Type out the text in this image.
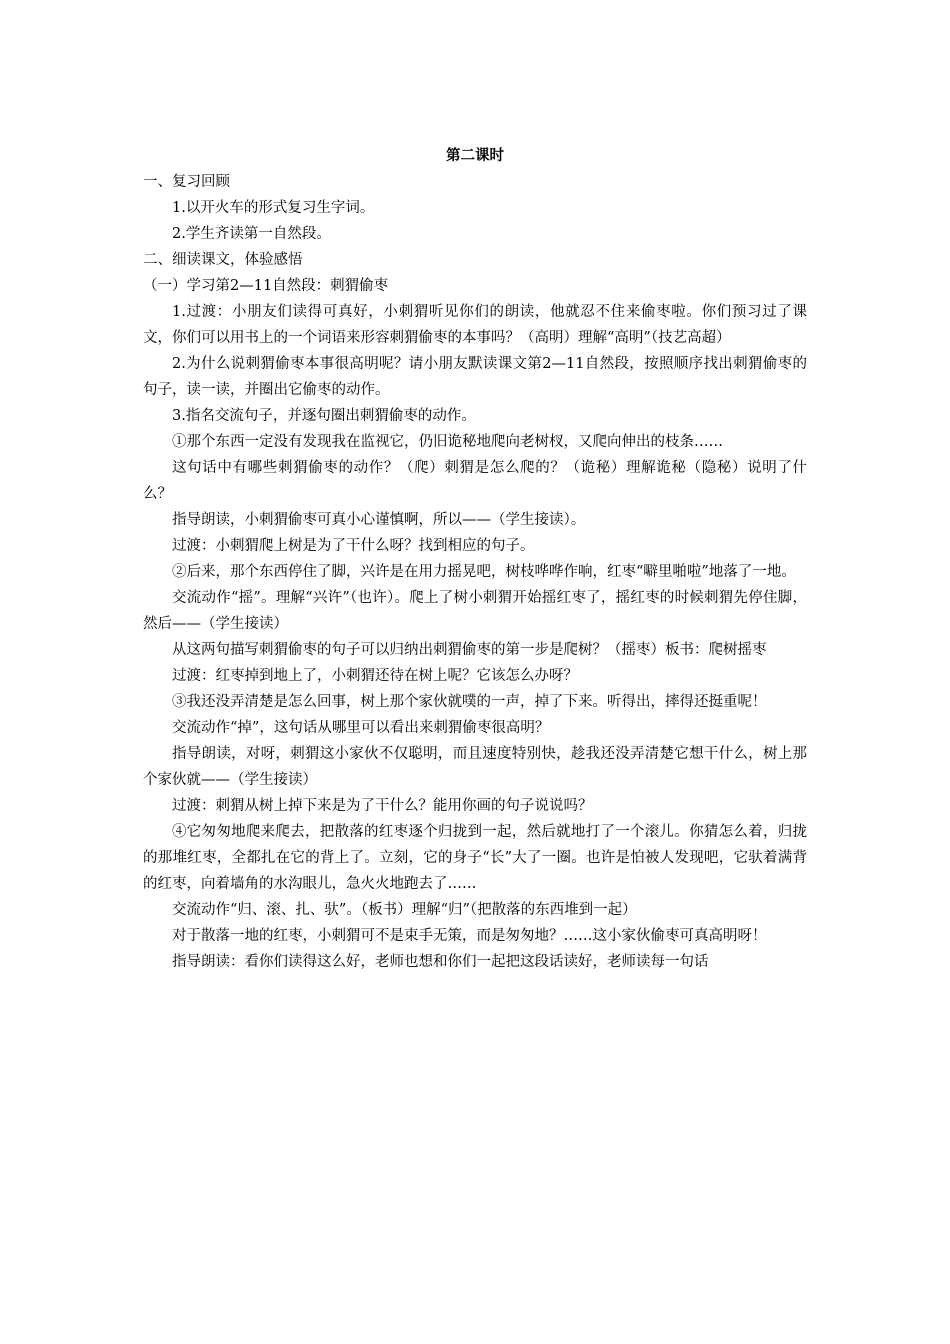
第二课时

一、复习回顾

1.以开火车的形式复习生字词。

2.学生齐读第一自然段。

二、细读课文，体验感悟

（一）学习第2—11自然段：刺猬偷枣

1.过渡：小朋友们读得可真好，小刺猬听见你们的朗读，他就忍不住来偷枣啦。你们预习过了课文，你们可以用书上的一个词语来形容刺猬偷枣的本事吗？（高明）理解“高明”（技艺高超）

2.为什么说刺猬偷枣本事很高明呢？请小朋友默读课文第2—11自然段，按照顺序找出刺猬偷枣的句子，读一读，并圈出它偷枣的动作。

3.指名交流句子，并逐句圈出刺猬偷枣的动作。

①那个东西一定没有发现我在监视它，仍旧诡秘地爬向老树杈，又爬向伸出的枝条……

这句话中有哪些刺猬偷枣的动作？（爬）刺猬是怎么爬的？（诡秘）理解诡秘（隐秘）说明了什么？

指导朗读，小刺猬偷枣可真小心谨慎啊，所以——（学生接读）。

过渡：小刺猬爬上树是为了干什么呀？找到相应的句子。

②后来，那个东西停住了脚，兴许是在用力摇晃吧，树枝哗哗作响，红枣“噼里啪啦”地落了一地。

交流动作“摇”。理解“兴许”（也许）。爬上了树小刺猬开始摇红枣了，摇红枣的时候刺猬先停住脚，然后——（学生接读）

从这两句描写刺猬偷枣的句子可以归纳出刺猬偷枣的第一步是爬树？（摇枣）板书：爬树摇枣

过渡：红枣掉到地上了，小刺猬还待在树上呢？它该怎么办呀？

③我还没弄清楚是怎么回事，树上那个家伙就噗的一声，掉了下来。听得出，摔得还挺重呢！

交流动作“掉”，这句话从哪里可以看出来刺猬偷枣很高明？

指导朗读，对呀，刺猬这小家伙不仅聪明，而且速度特别快，趁我还没弄清楚它想干什么，树上那个家伙就——（学生接读）

过渡：刺猬从树上掉下来是为了干什么？能用你画的句子说说吗？

④它匆匆地爬来爬去，把散落的红枣逐个归拢到一起，然后就地打了一个滚儿。你猜怎么着，归拢的那堆红枣，全都扎在它的背上了。立刻，它的身子“长”大了一圈。也许是怕被人发现吧，它驮着满背的红枣，向着墙角的水沟眼儿，急火火地跑去了……

交流动作“归、滚、扎、驮”。（板书）理解“归”（把散落的东西堆到一起）

对于散落一地的红枣，小刺猬可不是束手无策，而是匆匆地？……这小家伙偷枣可真高明呀！

指导朗读：看你们读得这么好，老师也想和你们一起把这段话读好，老师读每一句话
